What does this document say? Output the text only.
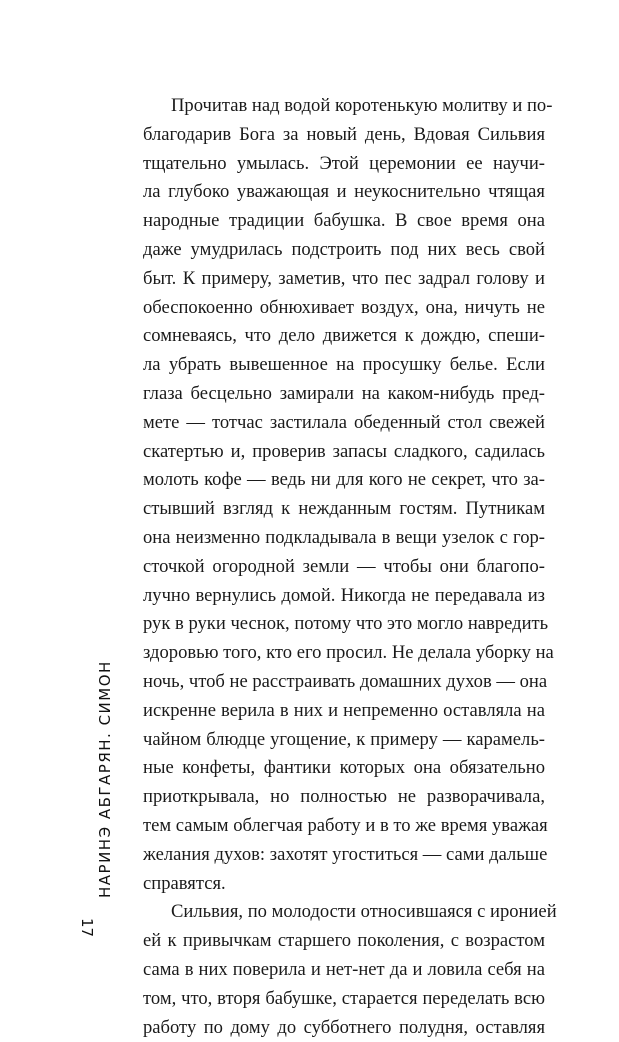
Прочитав над водой коротенькую молитву и по-
благодарив Бога за новый день, Вдовая Сильвия
тщательно умылась. Этой церемонии ее научи-
ла глубоко уважающая и неукоснительно чтящая
народные традиции бабушка. В свое время она
даже умудрилась подстроить под них весь свой
быт. К примеру, заметив, что пес задрал голову и
обеспокоенно обнюхивает воздух, она, ничуть не
сомневаясь, что дело движется к дождю, спеши-
ла убрать вывешенное на просушку белье. Если
глаза бесцельно замирали на каком-нибудь пред-
мете — тотчас застилала обеденный стол свежей
скатертью и, проверив запасы сладкого, садилась
молоть кофе — ведь ни для кого не секрет, что за-
стывший взгляд к нежданным гостям. Путникам
она неизменно подкладывала в вещи узелок с гор-
сточкой огородной земли — чтобы они благопо-
лучно вернулись домой. Никогда не передавала из
рук в руки чеснок, потому что это могло навредить
здоровью того, кто его просил. Не делала уборку на
ночь, чтоб не расстраивать домашних духов — она
искренне верила в них и непременно оставляла на
чайном блюдце угощение, к примеру — карамель-
ные конфеты, фантики которых она обязательно
приоткрывала, но полностью не разворачивала,
тем самым облегчая работу и в то же время уважая
желания духов: захотят угоститься — сами дальше
справятся.
Сильвия, по молодости относившаяся с иронией
ей к привычкам старшего поколения, с возрастом
сама в них поверила и нет-нет да и ловила себя на
том, что, вторя бабушке, старается переделать всю
работу по дому до субботнего полудня, оставляя
НАРИНЭ АБГАРЯН. СИМОН
17
